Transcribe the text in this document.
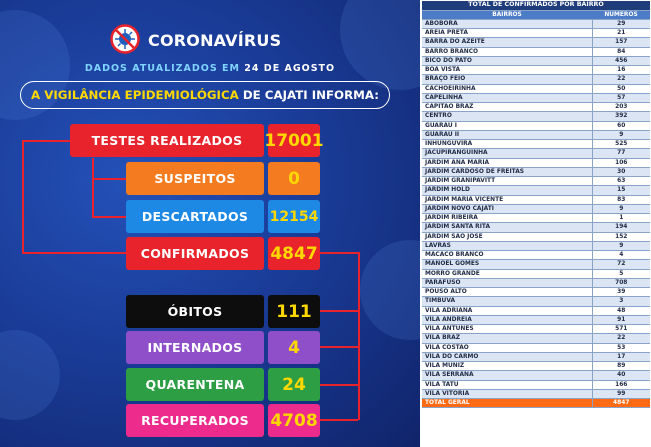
CORONAVÍRUS
DADOS ATUALIZADOS EM 24 DE AGOSTO
A VIGILÂNCIA EPIDEMIOLÓGICA
DE CAJATI INFORMA:
TESTES REALIZADOS	17001
SUSPEITOS	0
DESCARTADOS	12154
CONFIRMADOS	4847
ÓBITOS	111
INTERNADOS	4
QUARENTENA	24
RECUPERADOS	4708
TOTAL DE CONFIRMADOS POR BAIRRO	
BAIRROS	NÚMEROS
ABÓBORA	29
AREIA PRETA	21
BARRA DO AZEITE	157
BARRO BRANCO	84
BICO DO PATO	456
BOA VISTA	16
BRAÇO FEIO	22
CACHOEIRINHA	50
CAPELINHA	57
CAPITÃO BRAZ	203
CENTRO	392
GUARAÚ I	60
GUARAÚ II	9
INHUNGUVIRA	525
JACUPIRANGUINHA	77
JARDIM ANA MARIA	106
JARDIM CARDOSO DE FREITAS	30
JARDIM GRANIPAVITT	63
JARDIM HOLD	15
JARDIM MARIA VICENTE	83
JARDIM NOVO CAJATI	9
JARDIM RIBEIRA	1
JARDIM SANTA RITA	194
JARDIM SÃO JOSÉ	152
LAVRAS	9
MACACO BRANCO	4
MANOEL GOMES	72
MORRO GRANDE	5
PARAFUSO	708
POUSO ALTO	39
TIMBUVA	3
VILA ADRIANA	48
VILA ANDRÉIA	91
VILA ANTUNES	571
VILA BRAZ	22
VILA COSTÃO	53
VILA DO CARMO	17
VILA MUNIZ	89
VILA SERRANA	40
VILA TATU	166
VILA VITÓRIA	99
TOTAL GERAL	4847
